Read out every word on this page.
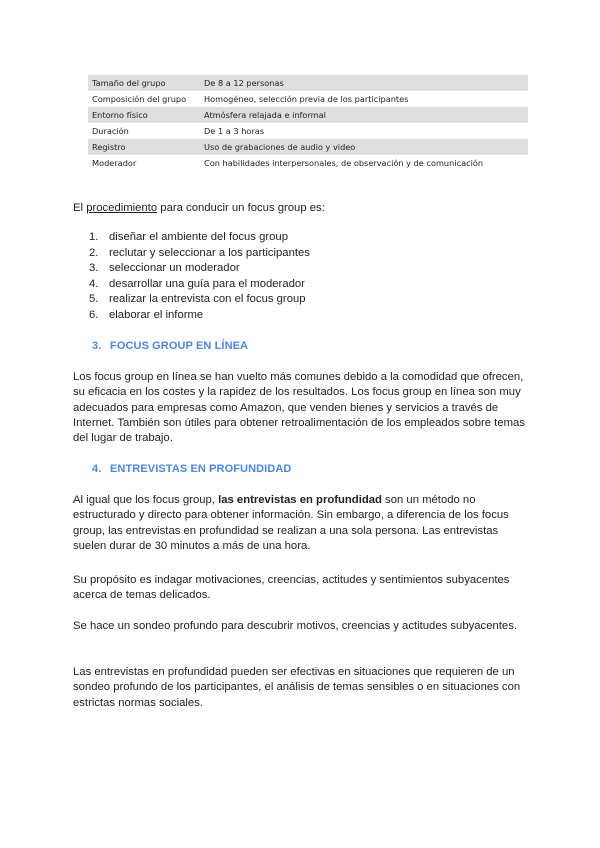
Tamaño del grupo	De 8 a 12 personas
Composición del grupo	Homogéneo, selección previa de los participantes
Entorno físico	Atmósfera relajada e informal
Duración	De 1 a 3 horas
Registro	Uso de grabaciones de audio y video
Moderador	Con habilidades interpersonales, de observación y de comunicación

El procedimiento para conducir un focus group es:

1. diseñar el ambiente del focus group
2. reclutar y seleccionar a los participantes
3. seleccionar un moderador
4. desarrollar una guía para el moderador
5. realizar la entrevista con el focus group
6. elaborar el informe
3. FOCUS GROUP EN LÍNEA

Los focus group en línea se han vuelto más comunes debido a la comodidad que ofrecen, su eficacia en los costes y la rapidez de los resultados. Los focus group en línea son muy adecuados para empresas como Amazon, que venden bienes y servicios a través de Internet. También son útiles para obtener retroalimentación de los empleados sobre temas del lugar de trabajo.

4. ENTREVISTAS EN PROFUNDIDAD

Al igual que los focus group, las entrevistas en profundidad son un método no estructurado y directo para obtener información. Sin embargo, a diferencia de los focus group, las entrevistas en profundidad se realizan a una sola persona. Las entrevistas suelen durar de 30 minutos a más de una hora.

Su propósito es indagar motivaciones, creencias, actitudes y sentimientos subyacentes acerca de temas delicados.

Se hace un sondeo profundo para descubrir motivos, creencias y actitudes subyacentes.

Las entrevistas en profundidad pueden ser efectivas en situaciones que requieren de un sondeo profundo de los participantes, el análisis de temas sensibles o en situaciones con estrictas normas sociales.
